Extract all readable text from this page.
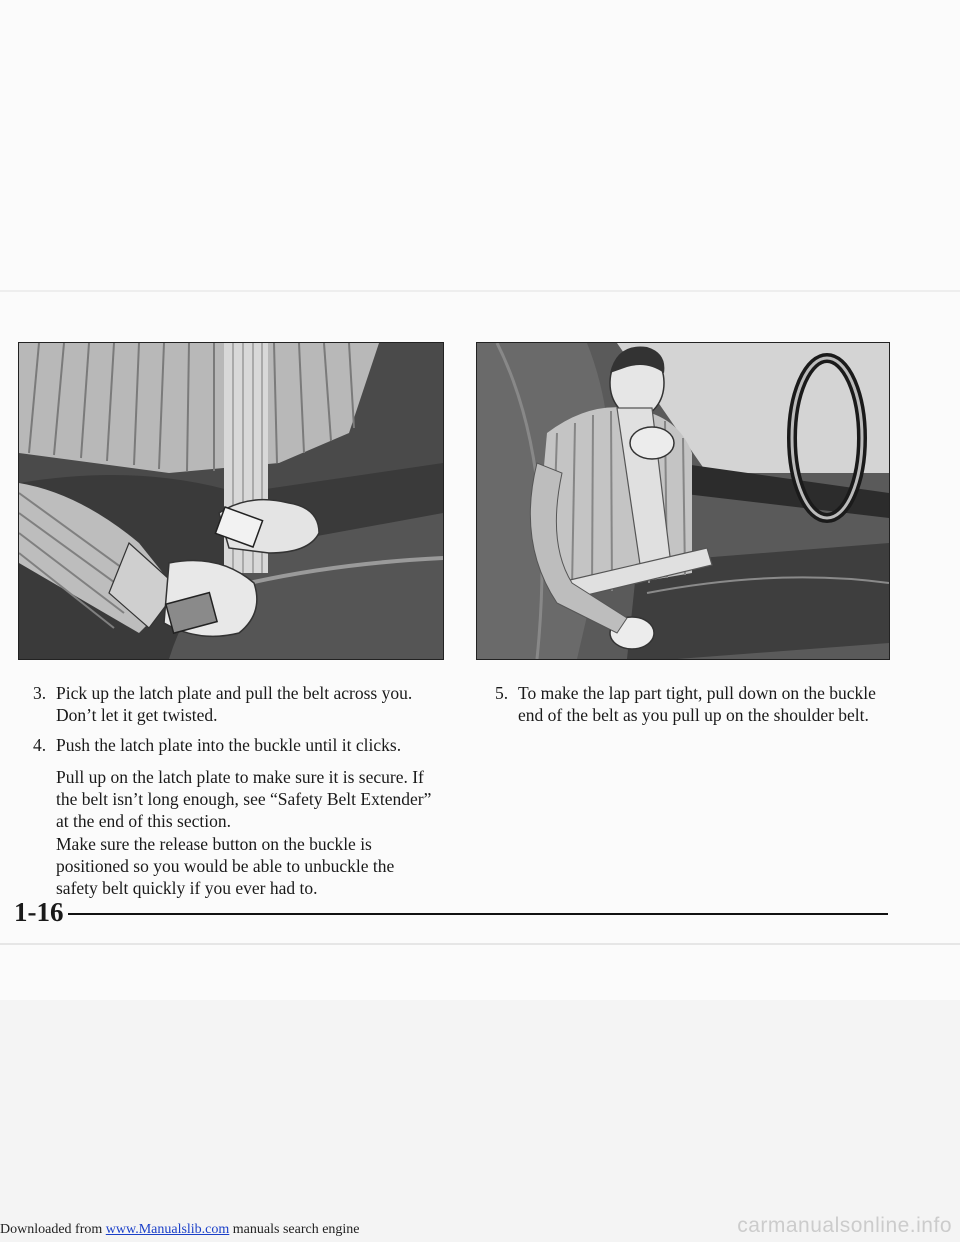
3. Pick up the latch plate and pull the belt across you. Don’t let it get twisted.
4. Push the latch plate into the buckle until it clicks.
Pull up on the latch plate to make sure it is secure. If the belt isn’t long enough, see “Safety Belt Extender” at the end of this section.
Make sure the release button on the buckle is positioned so you would be able to unbuckle the safety belt quickly if you ever had to.
5. To make the lap part tight, pull down on the buckle end of the belt as you pull up on the shoulder belt.
1-16
Downloaded from www.Manualslib.com manuals search engine	carmanualsonline.info
